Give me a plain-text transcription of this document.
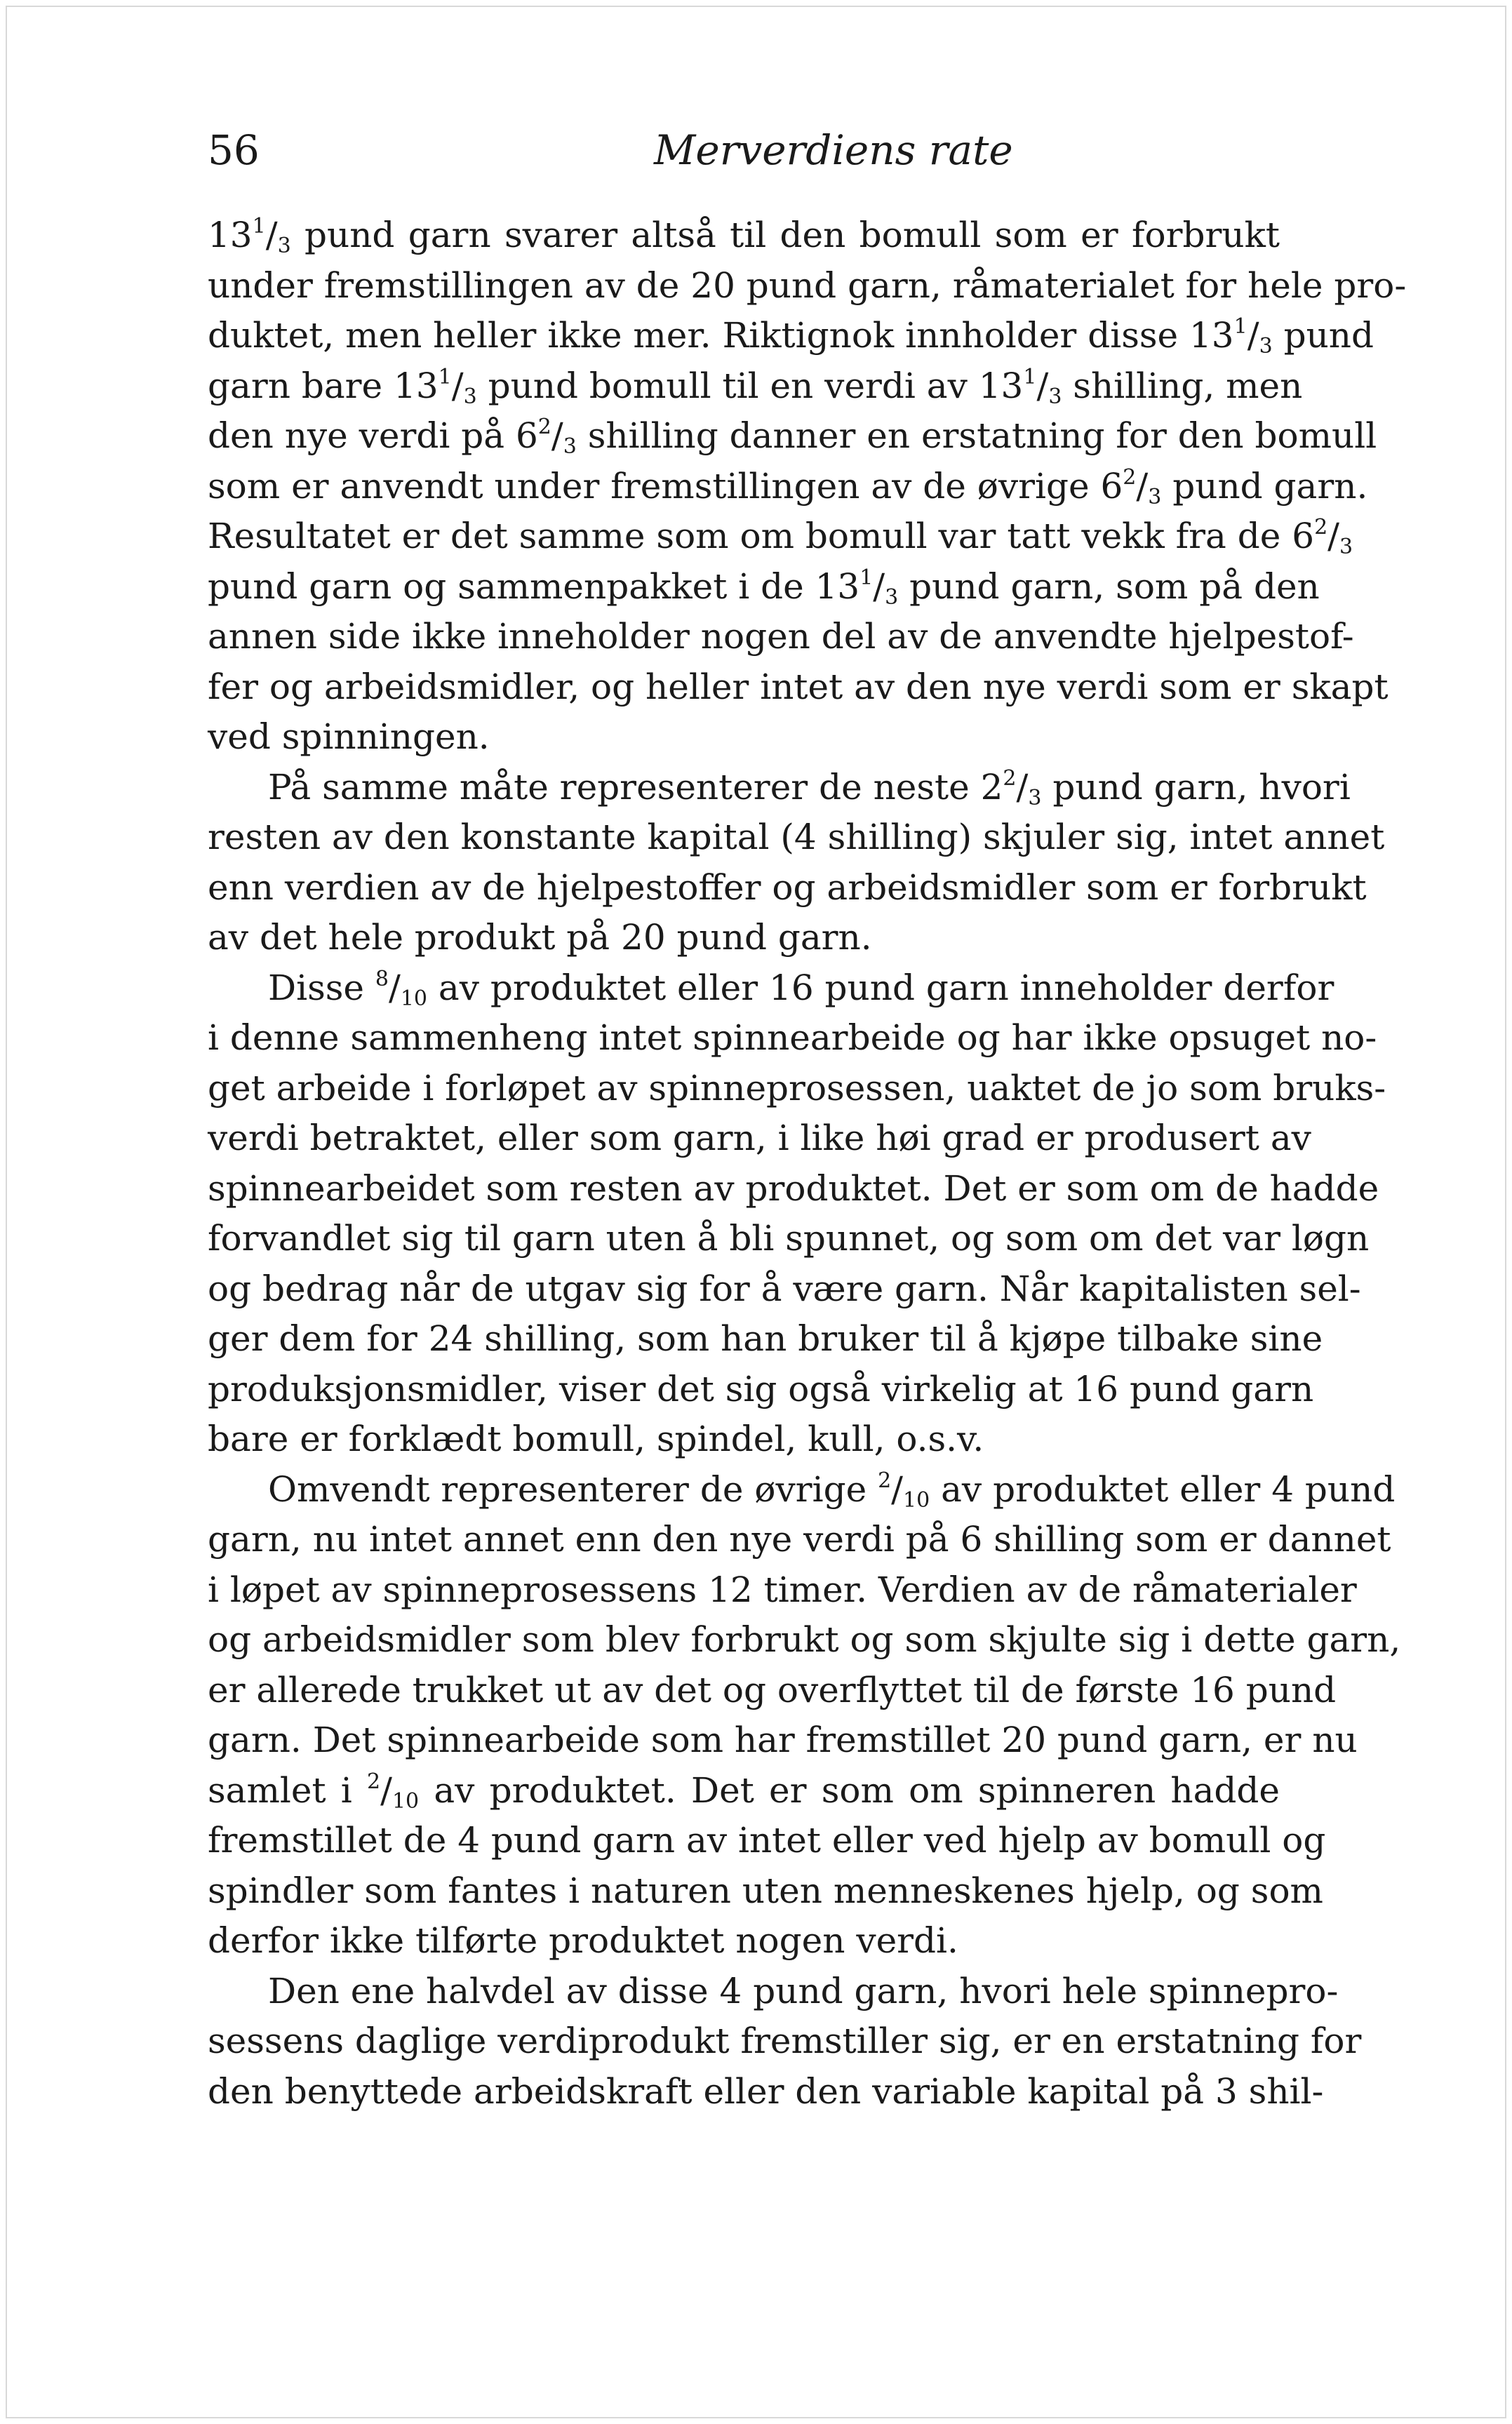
56	Merverdiens rate
$13^1/_3$ pund garn svarer altså til den bomull som er forbrukt
under fremstillingen av de 20 pund garn, råmaterialet for hele pro-
duktet, men heller ikke mer. Riktignok innholder disse $13^1/_3$ pund
garn bare $13^1/_3$ pund bomull til en verdi av $13^1/_3$ shilling, men
den nye verdi på $6^2/_3$ shilling danner en erstatning for den bomull
som er anvendt under fremstillingen av de øvrige $6^2/_3$ pund garn.
Resultatet er det samme som om bomull var tatt vekk fra de $6^2/_3$
pund garn og sammenpakket i de $13^1/_3$ pund garn, som på den
annen side ikke inneholder nogen del av de anvendte hjelpestof-
fer og arbeidsmidler, og heller intet av den nye verdi som er skapt
ved spinningen.
På samme måte representerer de neste $2^2/_3$ pund garn, hvori
resten av den konstante kapital (4 shilling) skjuler sig, intet annet
enn verdien av de hjelpestoffer og arbeidsmidler som er forbrukt
av det hele produkt på 20 pund garn.
Disse $^8/_{10}$ av produktet eller 16 pund garn inneholder derfor
i denne sammenheng intet spinnearbeide og har ikke opsuget no-
get arbeide i forløpet av spinneprosessen, uaktet de jo som bruks-
verdi betraktet, eller som garn, i like høi grad er produsert av
spinnearbeidet som resten av produktet. Det er som om de hadde
forvandlet sig til garn uten å bli spunnet, og som om det var løgn
og bedrag når de utgav sig for å være garn. Når kapitalisten sel-
ger dem for 24 shilling, som han bruker til å kjøpe tilbake sine
produksjonsmidler, viser det sig også virkelig at 16 pund garn
bare er forklædt bomull, spindel, kull, o.s.v.
Omvendt representerer de øvrige $^2/_{10}$ av produktet eller 4 pund
garn, nu intet annet enn den nye verdi på 6 shilling som er dannet
i løpet av spinneprosessens 12 timer. Verdien av de råmaterialer
og arbeidsmidler som blev forbrukt og som skjulte sig i dette garn,
er allerede trukket ut av det og overflyttet til de første 16 pund
garn. Det spinnearbeide som har fremstillet 20 pund garn, er nu
samlet i $^2/_{10}$ av produktet. Det er som om spinneren hadde
fremstillet de 4 pund garn av intet eller ved hjelp av bomull og
spindler som fantes i naturen uten menneskenes hjelp, og som
derfor ikke tilførte produktet nogen verdi.
Den ene halvdel av disse 4 pund garn, hvori hele spinnepro-
sessens daglige verdiprodukt fremstiller sig, er en erstatning for
den benyttede arbeidskraft eller den variable kapital på 3 shil-
